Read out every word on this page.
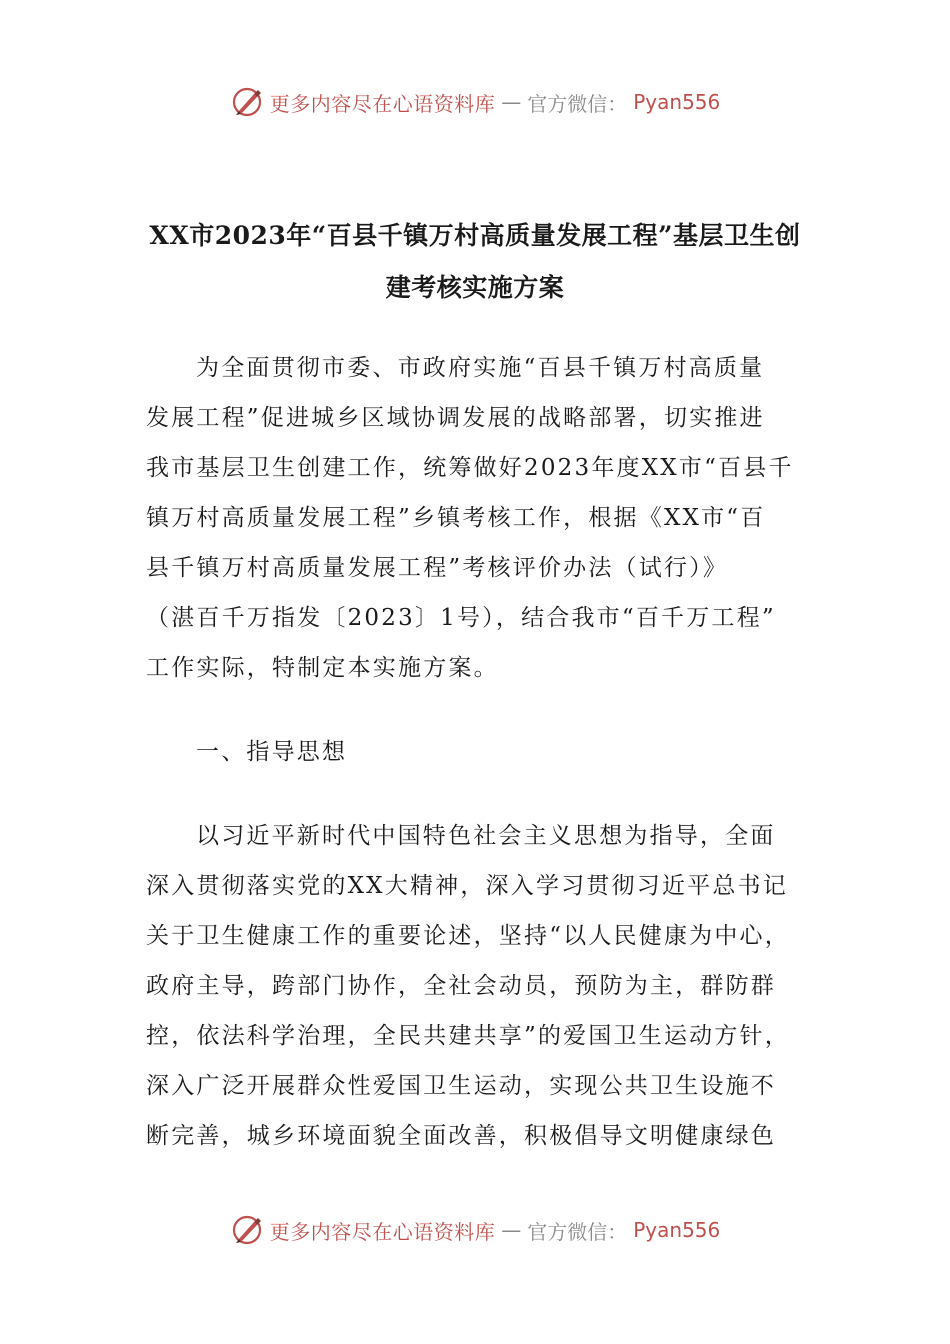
更多内容尽在心语资料库 — 官方微信： Pyan556
XX市2023年“百县千镇万村高质量发展工程”基层卫生创
建考核实施方案
为全面贯彻市委、市政府实施“百县千镇万村高质量
发展工程”促进城乡区域协调发展的战略部署，切实推进
我市基层卫生创建工作，统筹做好2023年度XX市“百县千
镇万村高质量发展工程”乡镇考核工作，根据《XX市“百
县千镇万村高质量发展工程”考核评价办法（试行）》
（湛百千万指发〔2023〕1号），结合我市“百千万工程”
工作实际，特制定本实施方案。
一、指导思想
以习近平新时代中国特色社会主义思想为指导，全面
深入贯彻落实党的XX大精神，深入学习贯彻习近平总书记
关于卫生健康工作的重要论述，坚持“以人民健康为中心，
政府主导，跨部门协作，全社会动员，预防为主，群防群
控，依法科学治理，全民共建共享”的爱国卫生运动方针，
深入广泛开展群众性爱国卫生运动，实现公共卫生设施不
断完善，城乡环境面貌全面改善，积极倡导文明健康绿色
更多内容尽在心语资料库 — 官方微信： Pyan556
